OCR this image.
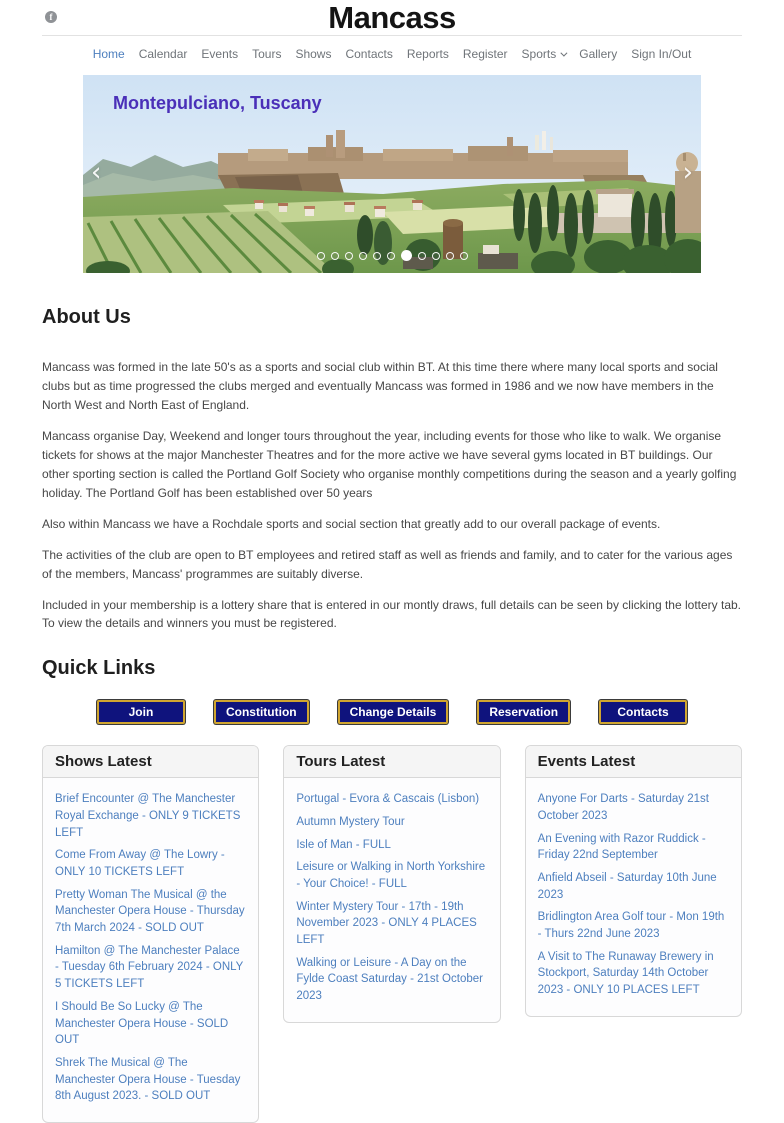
f	Mancass
Home Calendar Events Tours Shows Contacts Reports Register Sports Gallery Sign In/Out
Montepulciano, Tuscany
‹	›
About Us

Mancass was formed in the late 50's as a sports and social club within BT. At this time there where many local sports and social clubs but as time progressed the clubs merged and eventually Mancass was formed in 1986 and we now have members in the North West and North East of England.

Mancass organise Day, Weekend and longer tours throughout the year, including events for those who like to walk. We organise tickets for shows at the major Manchester Theatres and for the more active we have several gyms located in BT buildings. Our other sporting section is called the Portland Golf Society who organise monthly competitions during the season and a yearly golfing holiday. The Portland Golf has been established over 50 years

Also within Mancass we have a Rochdale sports and social section that greatly add to our overall package of events.

The activities of the club are open to BT employees and retired staff as well as friends and family, and to cater for the various ages of the members, Mancass' programmes are suitably diverse.

Included in your membership is a lottery share that is entered in our montly draws, full details can be seen by clicking the lottery tab. To view the details and winners you must be registered.

Quick Links
Join	Constitution	Change Details	Reservation	Contacts
Shows Latest
Brief Encounter @ The Manchester Royal Exchange - ONLY 9 TICKETS LEFT
Come From Away @ The Lowry - ONLY 10 TICKETS LEFT
Pretty Woman The Musical @ the Manchester Opera House - Thursday 7th March 2024 - SOLD OUT
Hamilton @ The Manchester Palace - Tuesday 6th February 2024 - ONLY 5 TICKETS LEFT
I Should Be So Lucky @ The Manchester Opera House - SOLD OUT
Shrek The Musical @ The Manchester Opera House - Tuesday 8th August 2023. - SOLD OUT
Tours Latest
Portugal - Evora & Cascais (Lisbon)
Autumn Mystery Tour
Isle of Man - FULL
Leisure or Walking in North Yorkshire - Your Choice! - FULL
Winter Mystery Tour - 17th - 19th November 2023 - ONLY 4 PLACES LEFT
Walking or Leisure - A Day on the Fylde Coast Saturday - 21st October 2023
Events Latest
Anyone For Darts - Saturday 21st October 2023
An Evening with Razor Ruddick - Friday 22nd September
Anfield Abseil - Saturday 10th June 2023
Bridlington Area Golf tour - Mon 19th - Thurs 22nd June 2023
A Visit to The Runaway Brewery in Stockport, Saturday 14th October 2023 - ONLY 10 PLACES LEFT
